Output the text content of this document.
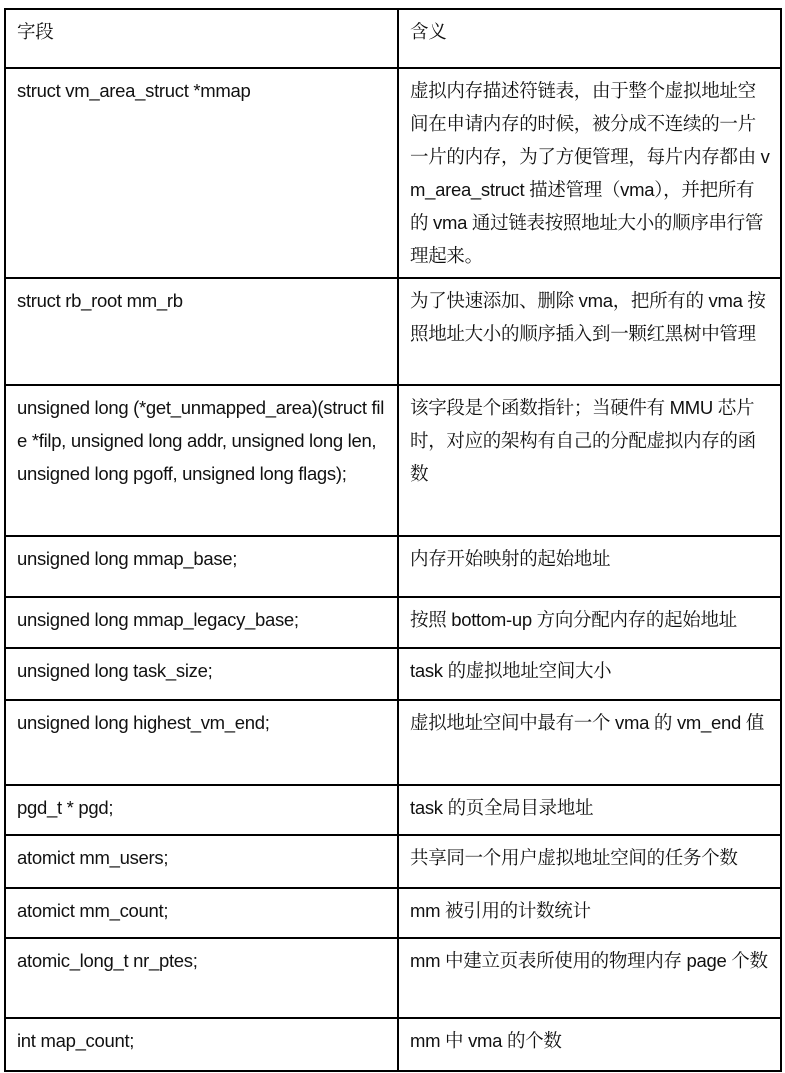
字段	含义
struct vm_area_struct *mmap	虚拟内存描述符链表，由于整个虚拟地址空间在申请内存的时候，被分成不连续的一片一片的内存，为了方便管理，每片内存都由 vm_area_struct 描述管理（vma），并把所有的 vma 通过链表按照地址大小的顺序串行管理起来。
struct rb_root mm_rb	为了快速添加、删除 vma，把所有的 vma 按照地址大小的顺序插入到一颗红黑树中管理
unsigned long (*get_unmapped_area)(struct file *filp, unsigned long addr, unsigned long len, unsigned long pgoff, unsigned long flags);	该字段是个函数指针；当硬件有 MMU 芯片时，对应的架构有自己的分配虚拟内存的函数
unsigned long mmap_base;	内存开始映射的起始地址
unsigned long mmap_legacy_base;	按照 bottom-up 方向分配内存的起始地址
unsigned long task_size;	task 的虚拟地址空间大小
unsigned long highest_vm_end;	虚拟地址空间中最有一个 vma 的 vm_end 值
pgd_t * pgd;	task 的页全局目录地址
atomict mm_users;	共享同一个用户虚拟地址空间的任务个数
atomict mm_count;	mm 被引用的计数统计
atomic_long_t nr_ptes;	mm 中建立页表所使用的物理内存 page 个数
int map_count;	mm 中 vma 的个数
